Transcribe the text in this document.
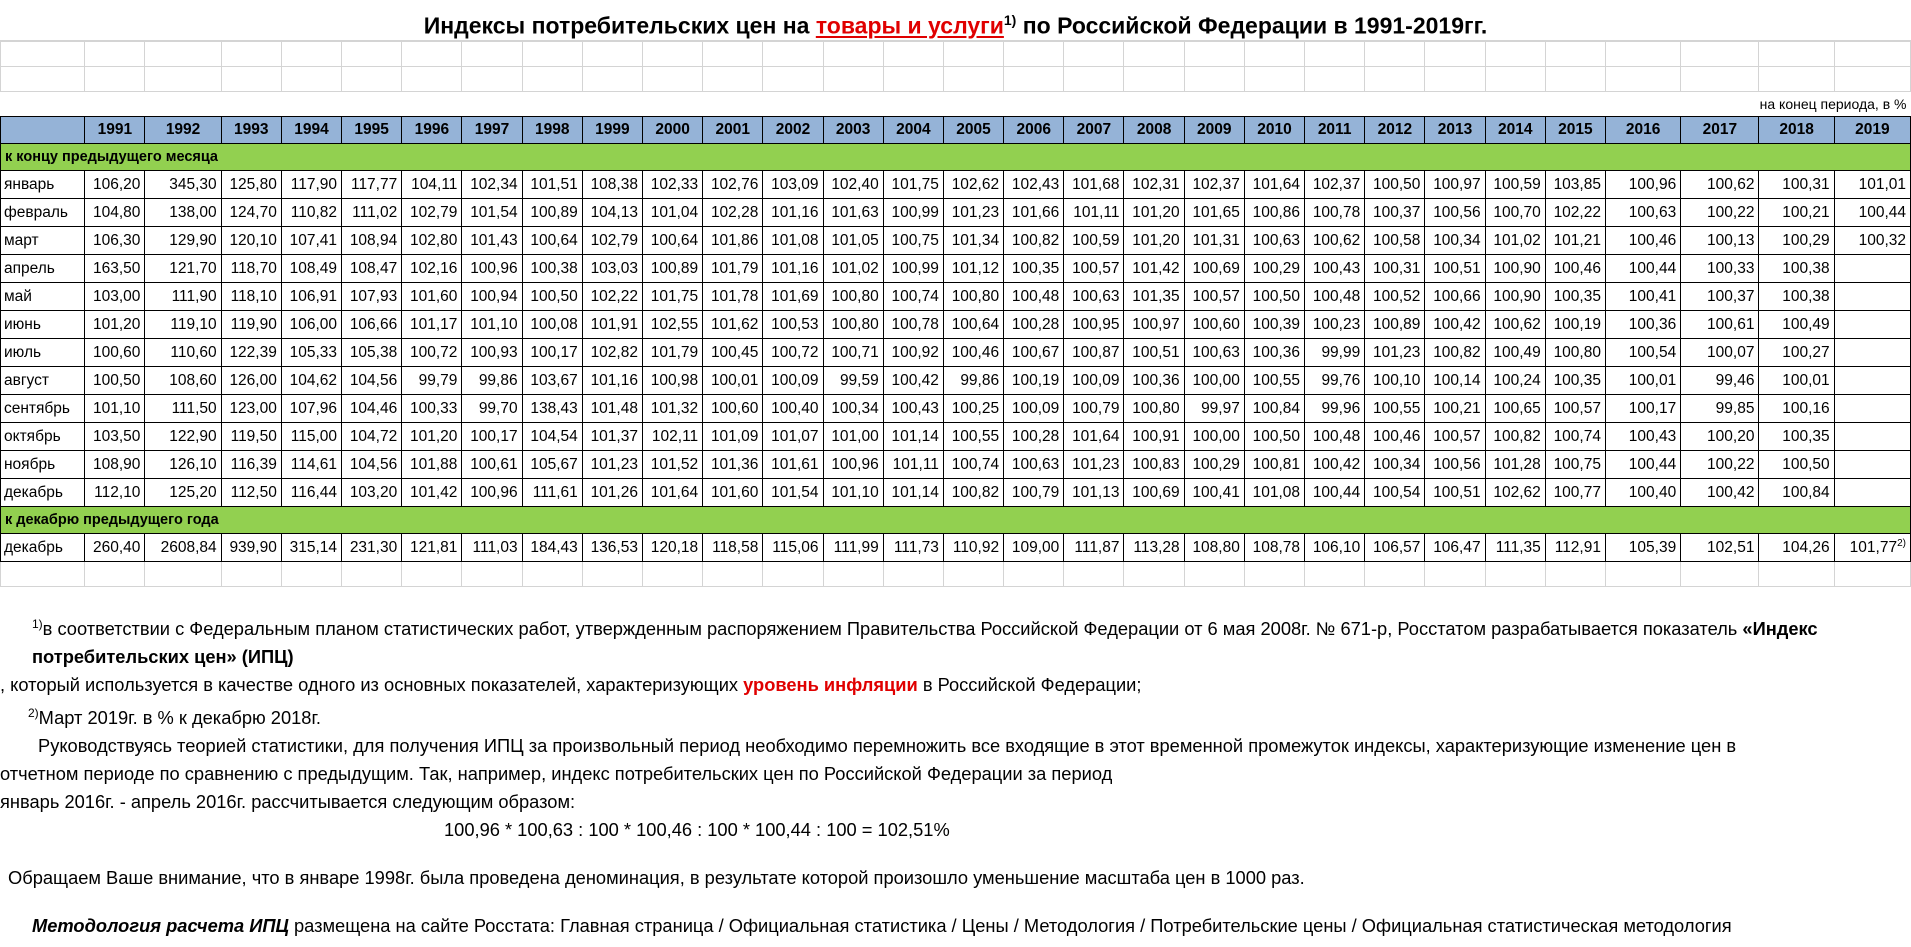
Индексы потребительских цен на товары и услуги$^{1)}$ по Российской Федерации в 1991-2019гг.

на конец периода, в %																													
	1991	1992	1993	1994	1995	1996	1997	1998	1999	2000	2001	2002	2003	2004	2005	2006	2007	2008	2009	2010	2011	2012	2013	2014	2015	2016	2017	2018	2019
к концу предыдущего месяца																													
январь	106,20	345,30	125,80	117,90	117,77	104,11	102,34	101,51	108,38	102,33	102,76	103,09	102,40	101,75	102,62	102,43	101,68	102,31	102,37	101,64	102,37	100,50	100,97	100,59	103,85	100,96	100,62	100,31	101,01
февраль	104,80	138,00	124,70	110,82	111,02	102,79	101,54	100,89	104,13	101,04	102,28	101,16	101,63	100,99	101,23	101,66	101,11	101,20	101,65	100,86	100,78	100,37	100,56	100,70	102,22	100,63	100,22	100,21	100,44
март	106,30	129,90	120,10	107,41	108,94	102,80	101,43	100,64	102,79	100,64	101,86	101,08	101,05	100,75	101,34	100,82	100,59	101,20	101,31	100,63	100,62	100,58	100,34	101,02	101,21	100,46	100,13	100,29	100,32
апрель	163,50	121,70	118,70	108,49	108,47	102,16	100,96	100,38	103,03	100,89	101,79	101,16	101,02	100,99	101,12	100,35	100,57	101,42	100,69	100,29	100,43	100,31	100,51	100,90	100,46	100,44	100,33	100,38	
май	103,00	111,90	118,10	106,91	107,93	101,60	100,94	100,50	102,22	101,75	101,78	101,69	100,80	100,74	100,80	100,48	100,63	101,35	100,57	100,50	100,48	100,52	100,66	100,90	100,35	100,41	100,37	100,38	
июнь	101,20	119,10	119,90	106,00	106,66	101,17	101,10	100,08	101,91	102,55	101,62	100,53	100,80	100,78	100,64	100,28	100,95	100,97	100,60	100,39	100,23	100,89	100,42	100,62	100,19	100,36	100,61	100,49	
июль	100,60	110,60	122,39	105,33	105,38	100,72	100,93	100,17	102,82	101,79	100,45	100,72	100,71	100,92	100,46	100,67	100,87	100,51	100,63	100,36	99,99	101,23	100,82	100,49	100,80	100,54	100,07	100,27	
август	100,50	108,60	126,00	104,62	104,56	99,79	99,86	103,67	101,16	100,98	100,01	100,09	99,59	100,42	99,86	100,19	100,09	100,36	100,00	100,55	99,76	100,10	100,14	100,24	100,35	100,01	99,46	100,01	
сентябрь	101,10	111,50	123,00	107,96	104,46	100,33	99,70	138,43	101,48	101,32	100,60	100,40	100,34	100,43	100,25	100,09	100,79	100,80	99,97	100,84	99,96	100,55	100,21	100,65	100,57	100,17	99,85	100,16	
октябрь	103,50	122,90	119,50	115,00	104,72	101,20	100,17	104,54	101,37	102,11	101,09	101,07	101,00	101,14	100,55	100,28	101,64	100,91	100,00	100,50	100,48	100,46	100,57	100,82	100,74	100,43	100,20	100,35	
ноябрь	108,90	126,10	116,39	114,61	104,56	101,88	100,61	105,67	101,23	101,52	101,36	101,61	100,96	101,11	100,74	100,63	101,23	100,83	100,29	100,81	100,42	100,34	100,56	101,28	100,75	100,44	100,22	100,50	
декабрь	112,10	125,20	112,50	116,44	103,20	101,42	100,96	111,61	101,26	101,64	101,60	101,54	101,10	101,14	100,82	100,79	101,13	100,69	100,41	101,08	100,44	100,54	100,51	102,62	100,77	100,40	100,42	100,84	
к декабрю предыдущего года																													
декабрь	260,40	2608,84	939,90	315,14	231,30	121,81	111,03	184,43	136,53	120,18	118,58	115,06	111,99	111,73	110,92	109,00	111,87	113,28	108,80	108,78	106,10	106,57	106,47	111,35	112,91	105,39	102,51	104,26	101,77$^{2)}$

$^{1)}$в соответствии с Федеральным планом статистических работ, утвержденным распоряжением Правительства Российской Федерации от 6 мая 2008г. № 671-р, Росстатом разрабатывается показатель «Индекс потребительских цен» (ИПЦ)

, который используется в качестве одного из основных показателей, характеризующих уровень инфляции в Российской Федерации;

$^{2)}$Март 2019г. в % к декабрю 2018г.

Руководствуясь теорией статистики, для получения ИПЦ за произвольный период необходимо перемножить все входящие в этот временной промежуток индексы, характеризующие изменение цен в

отчетном периоде по сравнению с предыдущим. Так, например, индекс потребительских цен по Российской Федерации за период

январь 2016г. - апрель 2016г. рассчитывается следующим образом:

100,96 * 100,63 : 100 * 100,46 : 100 * 100,44 : 100 = 102,51%

Обращаем Ваше внимание, что в январе 1998г. была проведена деноминация, в результате которой произошло уменьшение масштаба цен в 1000 раз.

Методология расчета ИПЦ размещена на сайте Росстата: Главная страница / Официальная статистика / Цены / Методология / Потребительские цены / Официальная статистическая методология
